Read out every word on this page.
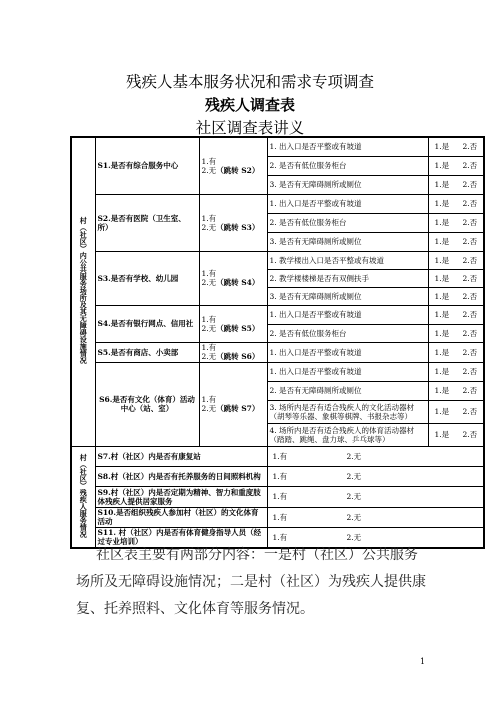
残疾人基本服务状况和需求专项调查
残疾人调查表
社区调查表讲义
村（社区）内公共服务场所及其无障碍设施情况	S1.是否有综合服务中心	1.有
2.无（跳转 S2）	1. 出入口是否平整或有坡道	1.是 2.否
			2. 是否有低位服务柜台	1.是 2.否
			3. 是否有无障碍厕所或厕位	1.是 2.否
	S2.是否有医院（卫生室、所）	1.有
2.无（跳转 S3）	1. 出入口是否平整或有坡道	1.是 2.否
			2. 是否有低位服务柜台	1.是 2.否
			3. 是否有无障碍厕所或厕位	1.是 2.否
	S3.是否有学校、幼儿园	1.有
2.无（跳转 S4）	1. 教学楼出入口是否平整或有坡道	1.是 2.否
			2. 教学楼楼梯是否有双侧扶手	1.是 2.否
			3. 是否有无障碍厕所或厕位	1.是 2.否
	S4.是否有银行网点、信用社	1.有
2.无（跳转 S5）	1. 出入口是否平整或有坡道	1.是 2.否
			2. 是否有低位服务柜台	1.是 2.否
	S5.是否有商店、小卖部	1.有
2.无（跳转 S6）	1. 出入口是否平整或有坡道	1.是 2.否
	S6.是否有文化（体育）活动中心（站、室）	1.有
2.无（跳转 S7）	1. 出入口是否平整或有坡道	1.是 2.否
			2. 是否有无障碍厕所或厕位	1.是 2.否
			3. 场所内是否有适合残疾人的文化活动器材（胡琴等乐器、象棋等棋牌、书报杂志等）	1.是 2.否
			4. 场所内是否有适合残疾人的体育活动器材（踏踏、跳绳、盘力球、乒乓球等）	1.是 2.否
村（社区）残疾人服务情况	S7.村（社区）内是否有康复站		1.有 2.无	
	S8.村（社区）内是否有托养服务的日间照料机构		1.有 2.无	
	S9.村（社区）内是否定期为精神、智力和重度肢体残疾人提供居家服务		1.有 2.无	
	S10.是否组织残疾人参加村（社区）的文化体育活动		1.有 2.无	
	S11. 村（社区）内是否有体育健身指导人员（经过专业培训）		1.有 2.无	
社区表主要有两部分内容：一是村（社区）公共服务
场所及无障碍设施情况；二是村（社区）为残疾人提供康
复、托养照料、文化体育等服务情况。
1
